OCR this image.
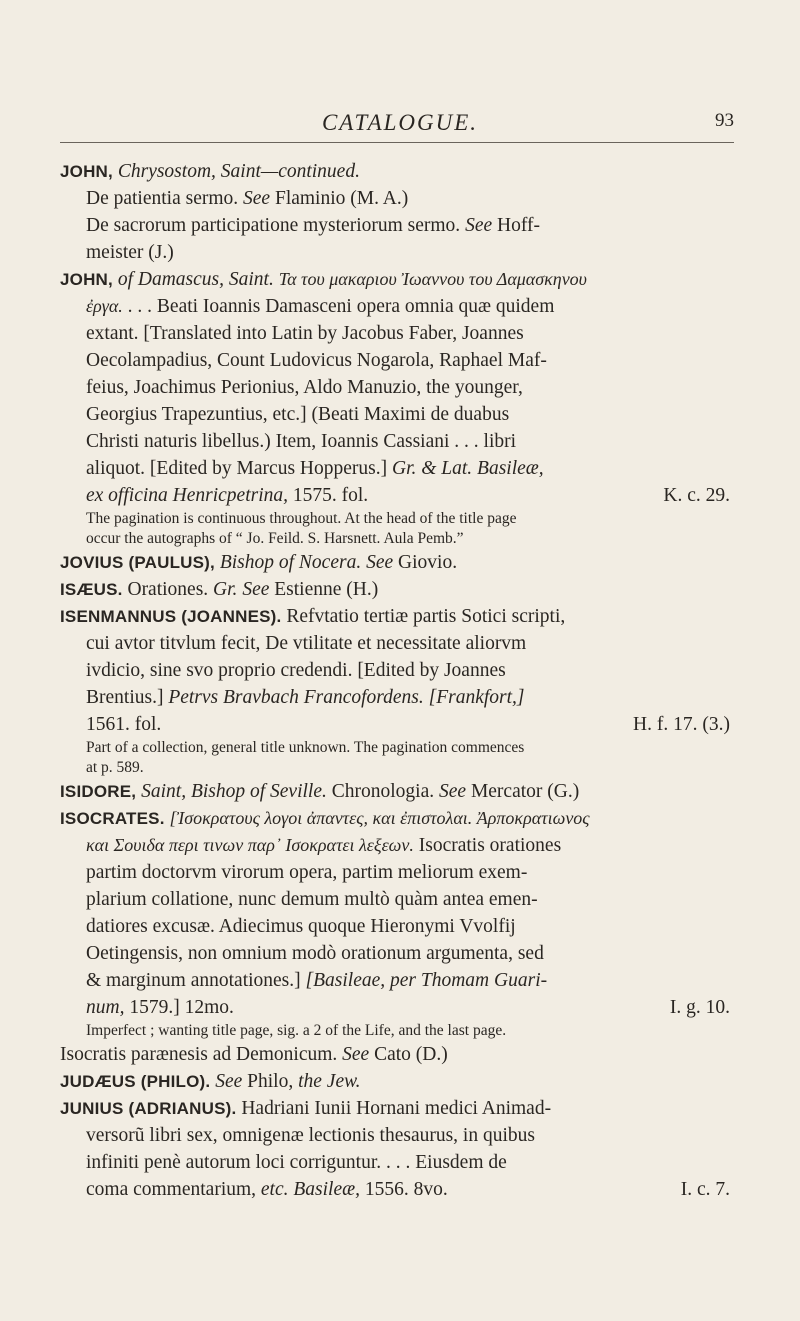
CATALOGUE.	93
JOHN, Chrysostom, Saint—continued.
De patientia sermo. See Flaminio (M. A.)
De sacrorum participatione mysteriorum sermo. See Hoff-
meister (J.)
JOHN, of Damascus, Saint. Τα του μακαριου Ἰωαννου του Δαμασκηνου
ἐργα. . . . Beati Ioannis Damasceni opera omnia quæ quidem
extant. [Translated into Latin by Jacobus Faber, Joannes
Oecolampadius, Count Ludovicus Nogarola, Raphael Maf-
feius, Joachimus Perionius, Aldo Manuzio, the younger,
Georgius Trapezuntius, etc.] (Beati Maximi de duabus
Christi naturis libellus.) Item, Ioannis Cassiani . . . libri
aliquot. [Edited by Marcus Hopperus.] Gr. & Lat. Basileæ,
ex officina Henricpetrina, 1575. fol.	K. c. 29.
The pagination is continuous throughout. At the head of the title page
occur the autographs of “ Jo. Feild. S. Harsnett. Aula Pemb.”
JOVIUS (PAULUS), Bishop of Nocera. See Giovio.
ISÆUS. Orationes. Gr. See Estienne (H.)
ISENMANNUS (JOANNES). Refvtatio tertiæ partis Sotici scripti,
cui avtor titvlum fecit, De vtilitate et necessitate aliorvm
ivdicio, sine svo proprio credendi. [Edited by Joannes
Brentius.] Petrvs Bravbach Francofordens. [Frankfort,]
1561. fol.	H. f. 17. (3.)
Part of a collection, general title unknown. The pagination commences
at p. 589.
ISIDORE, Saint, Bishop of Seville. Chronologia. See Mercator (G.)
ISOCRATES. [Ἰσοκρατους λογοι ἀπαντες, και ἐπιστολαι. Ἀρποκρατιωνος
και Σουιδα περι τινων παρ᾽ Ισοκρατει λεξεων. Isocratis orationes
partim doctorvm virorum opera, partim meliorum exem-
plarium collatione, nunc demum multò quàm antea emen-
datiores excusæ. Adiecimus quoque Hieronymi Vvolfij
Oetingensis, non omnium modò orationum argumenta, sed
& marginum annotationes.] [Basileae, per Thomam Guari-
num, 1579.] 12mo.	I. g. 10.
Imperfect ; wanting title page, sig. a 2 of the Life, and the last page.
Isocratis parænesis ad Demonicum. See Cato (D.)
JUDÆUS (PHILO). See Philo, the Jew.
JUNIUS (ADRIANUS). Hadriani Iunii Hornani medici Animad-
versorũ libri sex, omnigenæ lectionis thesaurus, in quibus
infiniti penè autorum loci corriguntur. . . . Eiusdem de
coma commentarium, etc. Basileæ, 1556. 8vo.	I. c. 7.
